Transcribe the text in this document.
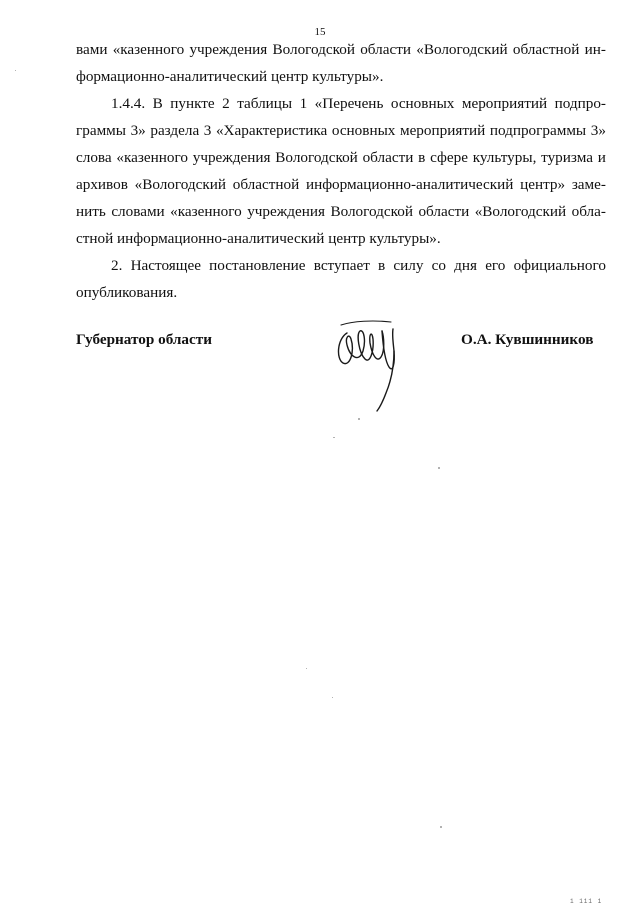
15
вами «казенного учреждения Вологодской области «Вологодский областной ин-
формационно-аналитический центр культуры».
1.4.4. В пункте 2 таблицы 1 «Перечень основных мероприятий подпро-
граммы 3» раздела 3 «Характеристика основных мероприятий подпрограммы 3»
слова «казенного учреждения Вологодской области в сфере культуры, туризма и
архивов «Вологодский областной информационно-аналитический центр» заме-
нить словами «казенного учреждения Вологодской области «Вологодский обла-
стной информационно-аналитический центр культуры».
2. Настоящее постановление вступает в силу со дня его официального
опубликования.
Губернатор области	О.А. Кувшинников
1 111 1
